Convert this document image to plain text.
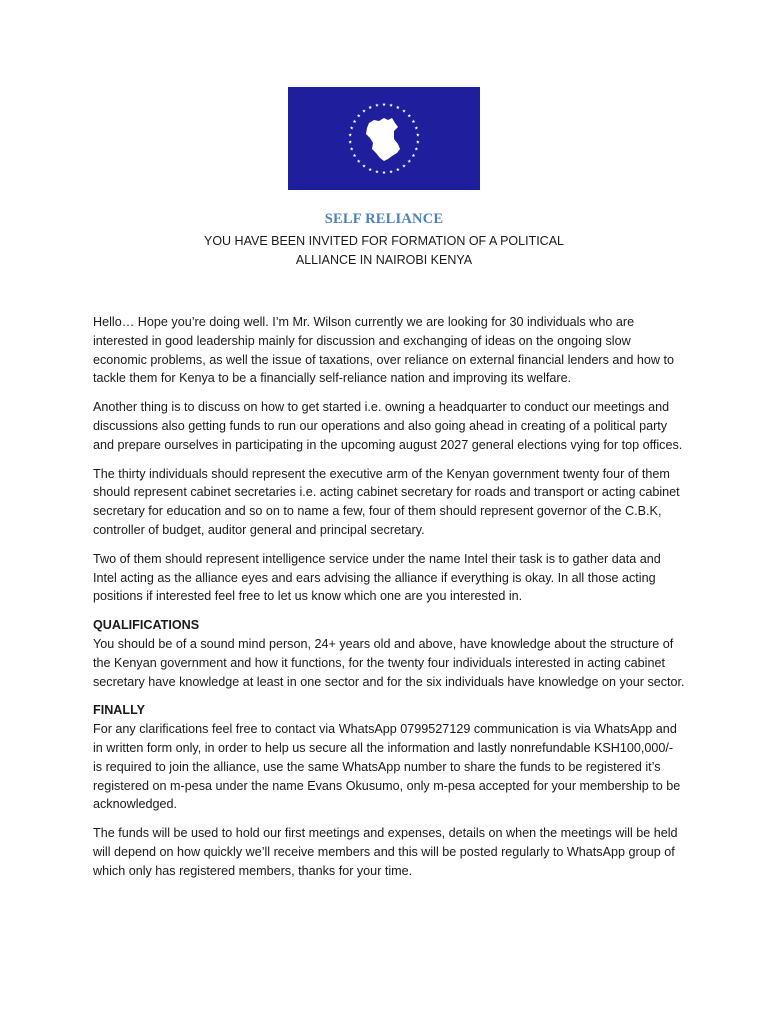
SELF RELIANCE
YOU HAVE BEEN INVITED FOR FORMATION OF A POLITICAL
ALLIANCE IN NAIROBI KENYA

Hello… Hope you’re doing well. I’m Mr. Wilson currently we are looking for 30 individuals who are interested in good leadership mainly for discussion and exchanging of ideas on the ongoing slow economic problems, as well the issue of taxations, over reliance on external financial lenders and how to tackle them for Kenya to be a financially self-reliance nation and improving its welfare.

Another thing is to discuss on how to get started i.e. owning a headquarter to conduct our meetings and discussions also getting funds to run our operations and also going ahead in creating of a political party and prepare ourselves in participating in the upcoming august 2027 general elections vying for top offices.

The thirty individuals should represent the executive arm of the Kenyan government twenty four of them should represent cabinet secretaries i.e. acting cabinet secretary for roads and transport or acting cabinet secretary for education and so on to name a few, four of them should represent governor of the C.B.K, controller of budget, auditor general and principal secretary.

Two of them should represent intelligence service under the name Intel their task is to gather data and Intel acting as the alliance eyes and ears advising the alliance if everything is okay. In all those acting positions if interested feel free to let us know which one are you interested in.

QUALIFICATIONS

You should be of a sound mind person, 24+ years old and above, have knowledge about the structure of the Kenyan government and how it functions, for the twenty four individuals interested in acting cabinet secretary have knowledge at least in one sector and for the six individuals have knowledge on your sector.

FINALLY

For any clarifications feel free to contact via WhatsApp 0799527129 communication is via WhatsApp and in written form only, in order to help us secure all the information and lastly nonrefundable KSH100,000/- is required to join the alliance, use the same WhatsApp number to share the funds to be registered it’s registered on m-pesa under the name Evans Okusumo, only m-pesa accepted for your membership to be acknowledged.

The funds will be used to hold our first meetings and expenses, details on when the meetings will be held will depend on how quickly we’ll receive members and this will be posted regularly to WhatsApp group of which only has registered members, thanks for your time.
